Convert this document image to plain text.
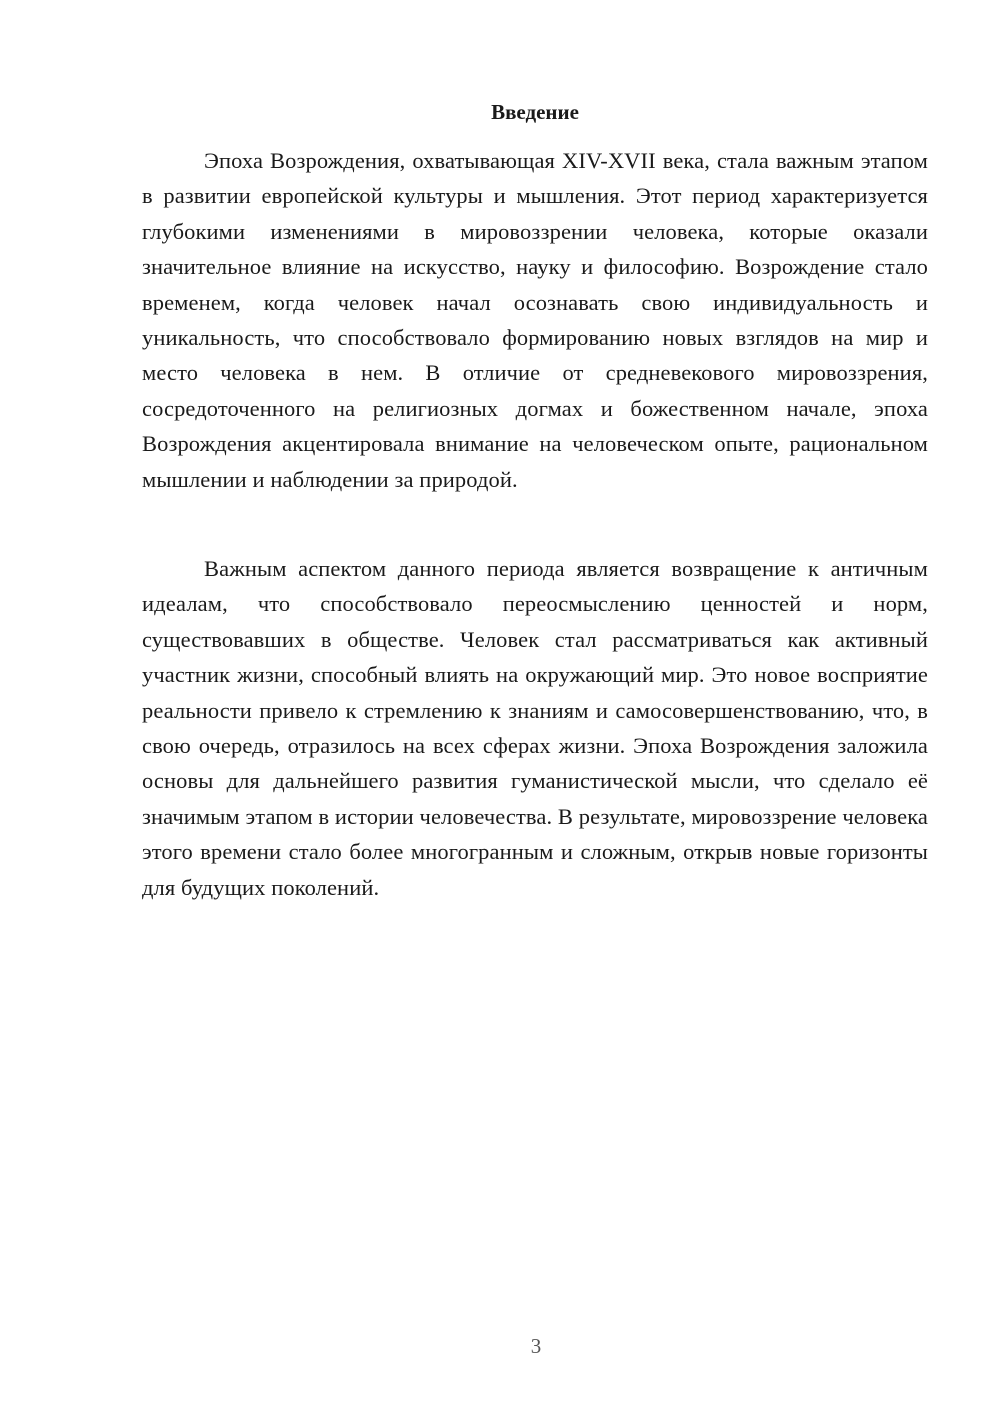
Введение

Эпоха Возрождения, охватывающая XIV-XVII века, стала важным этапом в развитии европейской культуры и мышления. Этот период характеризуется глубокими изменениями в мировоззрении человека, которые оказали значительное влияние на искусство, науку и философию. Возрождение стало временем, когда человек начал осознавать свою индивидуальность и уникальность, что способствовало формированию новых взглядов на мир и место человека в нем. В отличие от средневекового мировоззрения, сосредоточенного на религиозных догмах и божественном начале, эпоха Возрождения акцентировала внимание на человеческом опыте, рациональном мышлении и наблюдении за природой.

Важным аспектом данного периода является возвращение к античным идеалам, что способствовало переосмыслению ценностей и норм, существовавших в обществе. Человек стал рассматриваться как активный участник жизни, способный влиять на окружающий мир. Это новое восприятие реальности привело к стремлению к знаниям и самосовершенствованию, что, в свою очередь, отразилось на всех сферах жизни. Эпоха Возрождения заложила основы для дальнейшего развития гуманистической мысли, что сделало её значимым этапом в истории человечества. В результате, мировоззрение человека этого времени стало более многогранным и сложным, открыв новые горизонты для будущих поколений.

3
